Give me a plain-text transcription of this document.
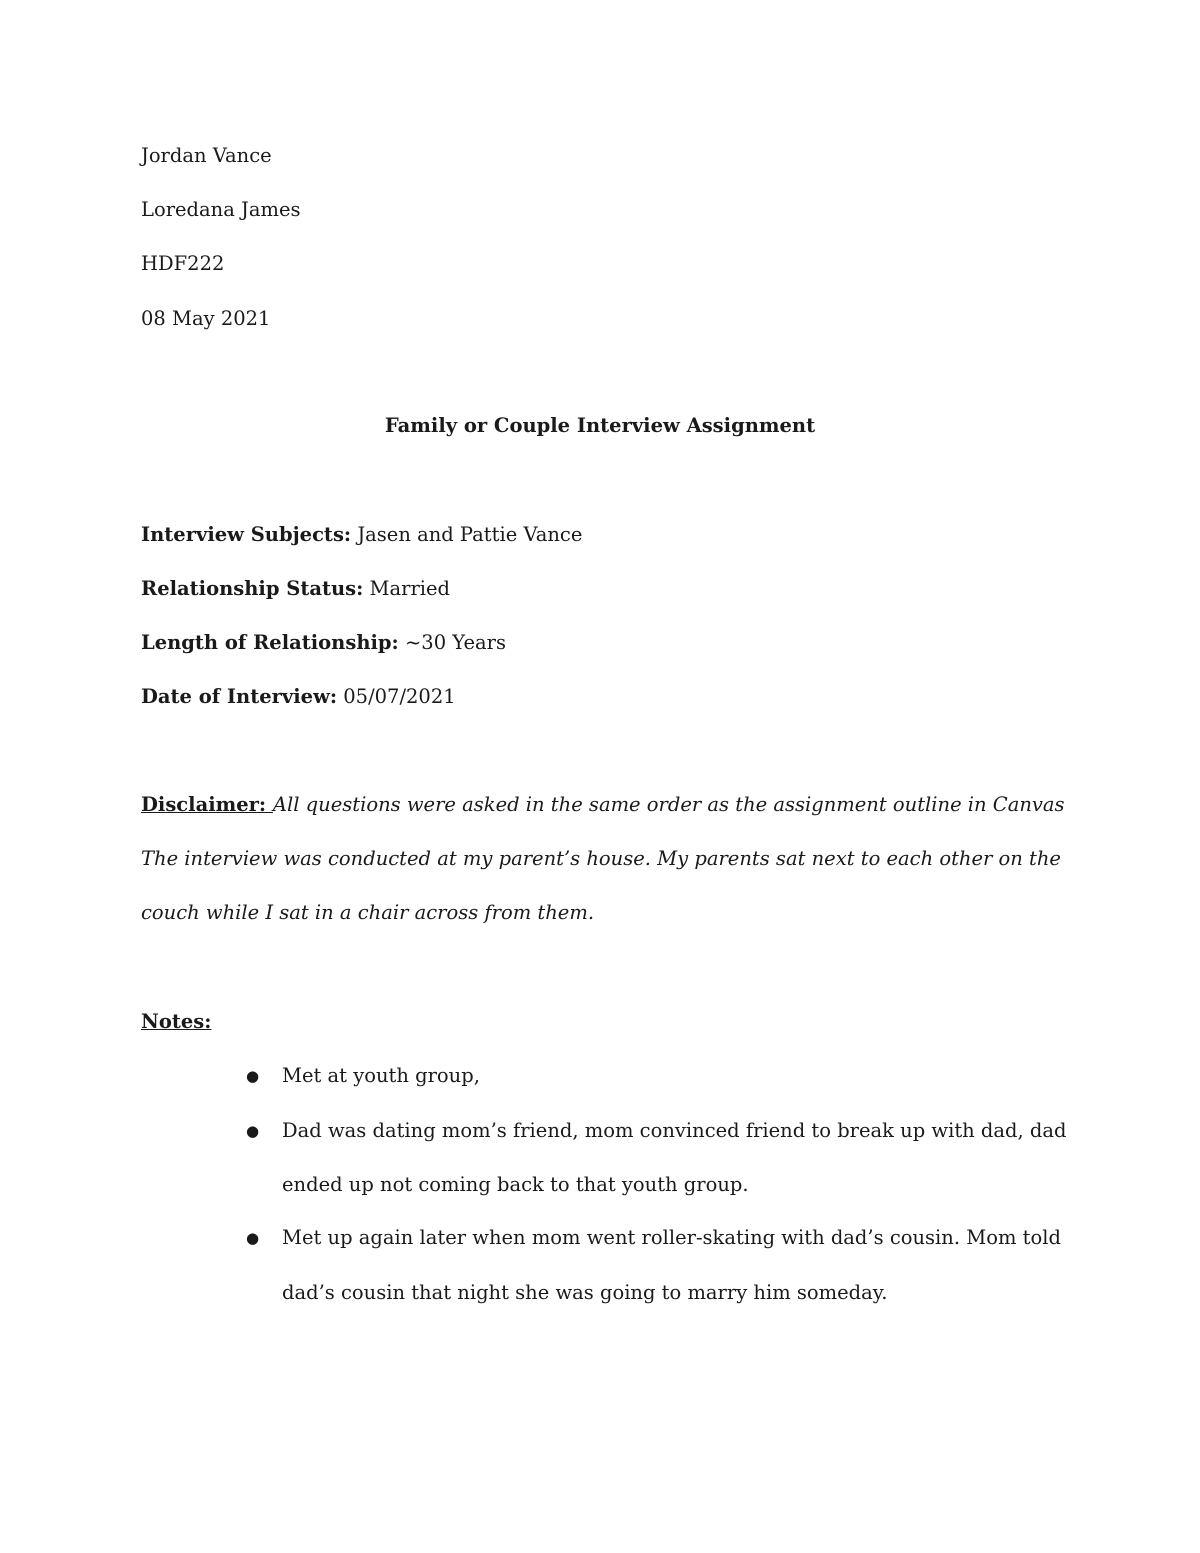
Jordan Vance
Loredana James
HDF222
08 May 2021
Family or Couple Interview Assignment
Interview Subjects: Jasen and Pattie Vance
Relationship Status: Married
Length of Relationship: ~30 Years
Date of Interview: 05/07/2021
Disclaimer: All questions were asked in the same order as the assignment outline in Canvas
The interview was conducted at my parent’s house. My parents sat next to each other on the
couch while I sat in a chair across from them.
Notes:
● Met at youth group,
● Dad was dating mom’s friend, mom convinced friend to break up with dad, dad
ended up not coming back to that youth group.
● Met up again later when mom went roller-skating with dad’s cousin. Mom told
dad’s cousin that night she was going to marry him someday.
